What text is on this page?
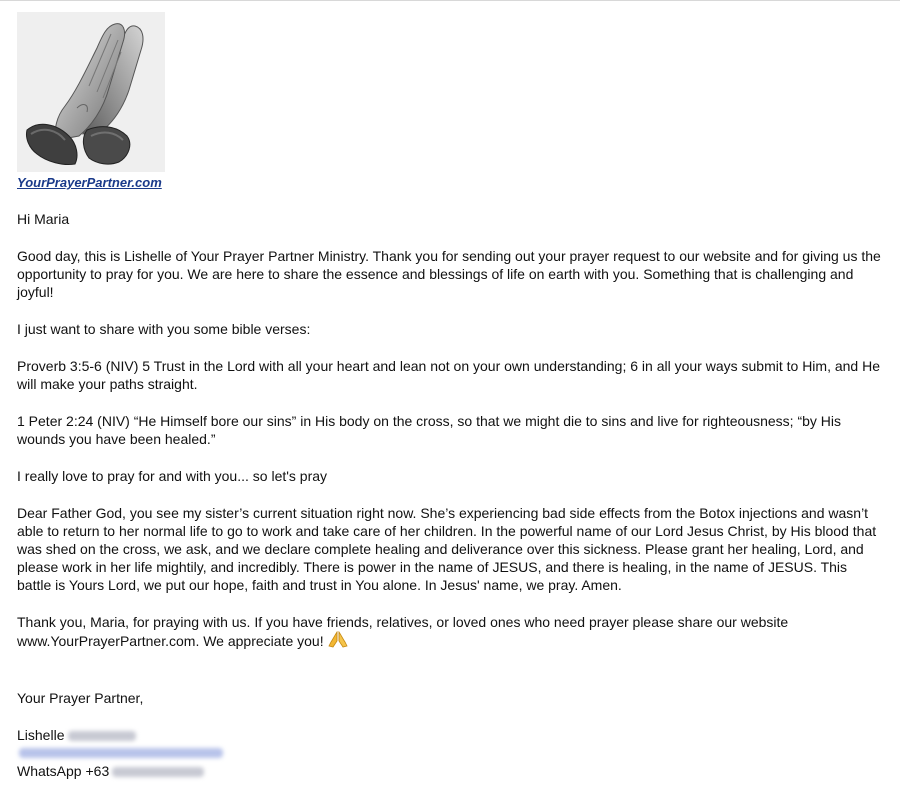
YourPrayerPartner.com

Hi Maria

Good day, this is Lishelle of Your Prayer Partner Ministry. Thank you for sending out your prayer request to our website and for giving us the opportunity to pray for you. We are here to share the essence and blessings of life on earth with you. Something that is challenging and joyful!

I just want to share with you some bible verses:

Proverb 3:5-6 (NIV) 5 Trust in the Lord with all your heart and lean not on your own understanding; 6 in all your ways submit to Him, and He will make your paths straight.

1 Peter 2:24 (NIV) “He Himself bore our sins” in His body on the cross, so that we might die to sins and live for righteousness; “by His wounds you have been healed.”

I really love to pray for and with you... so let's pray

Dear Father God, you see my sister’s current situation right now. She’s experiencing bad side effects from the Botox injections and wasn’t able to return to her normal life to go to work and take care of her children. In the powerful name of our Lord Jesus Christ, by His blood that was shed on the cross, we ask, and we declare complete healing and deliverance over this sickness. Please grant her healing, Lord, and please work in her life mightily, and incredibly. There is power in the name of JESUS, and there is healing, in the name of JESUS. This battle is Yours Lord, we put our hope, faith and trust in You alone. In Jesus' name, we pray. Amen.

Thank you, Maria, for praying with us. If you have friends, relatives, or loved ones who need prayer please share our website
www.YourPrayerPartner.com. We appreciate you!

Your Prayer Partner,

Lishelle

WhatsApp +63
